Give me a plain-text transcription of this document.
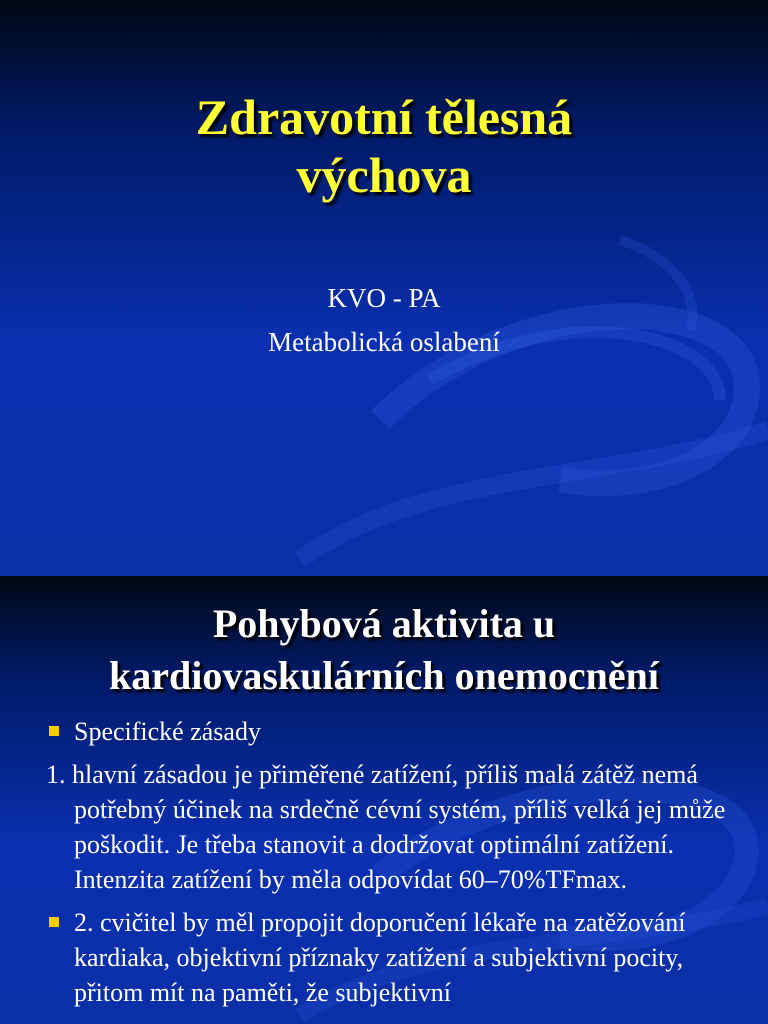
Zdravotní tělesná
výchova
KVO - PA
Metabolická oslabení
Pohybová aktivita u
kardiovaskulárních onemocnění
Specifické zásady
1. hlavní zásadou je přiměřené zatížení, příliš malá zátěž nemá potřebný účinek na srdečně cévní systém, příliš velká jej může poškodit. Je třeba stanovit a dodržovat optimální zatížení. Intenzita zatížení by měla odpovídat 60–70%TFmax.
2. cvičitel by měl propojit doporučení lékaře na zatěžování kardiaka, objektivní příznaky zatížení a subjektivní pocity, přitom mít na paměti, že subjektivní
